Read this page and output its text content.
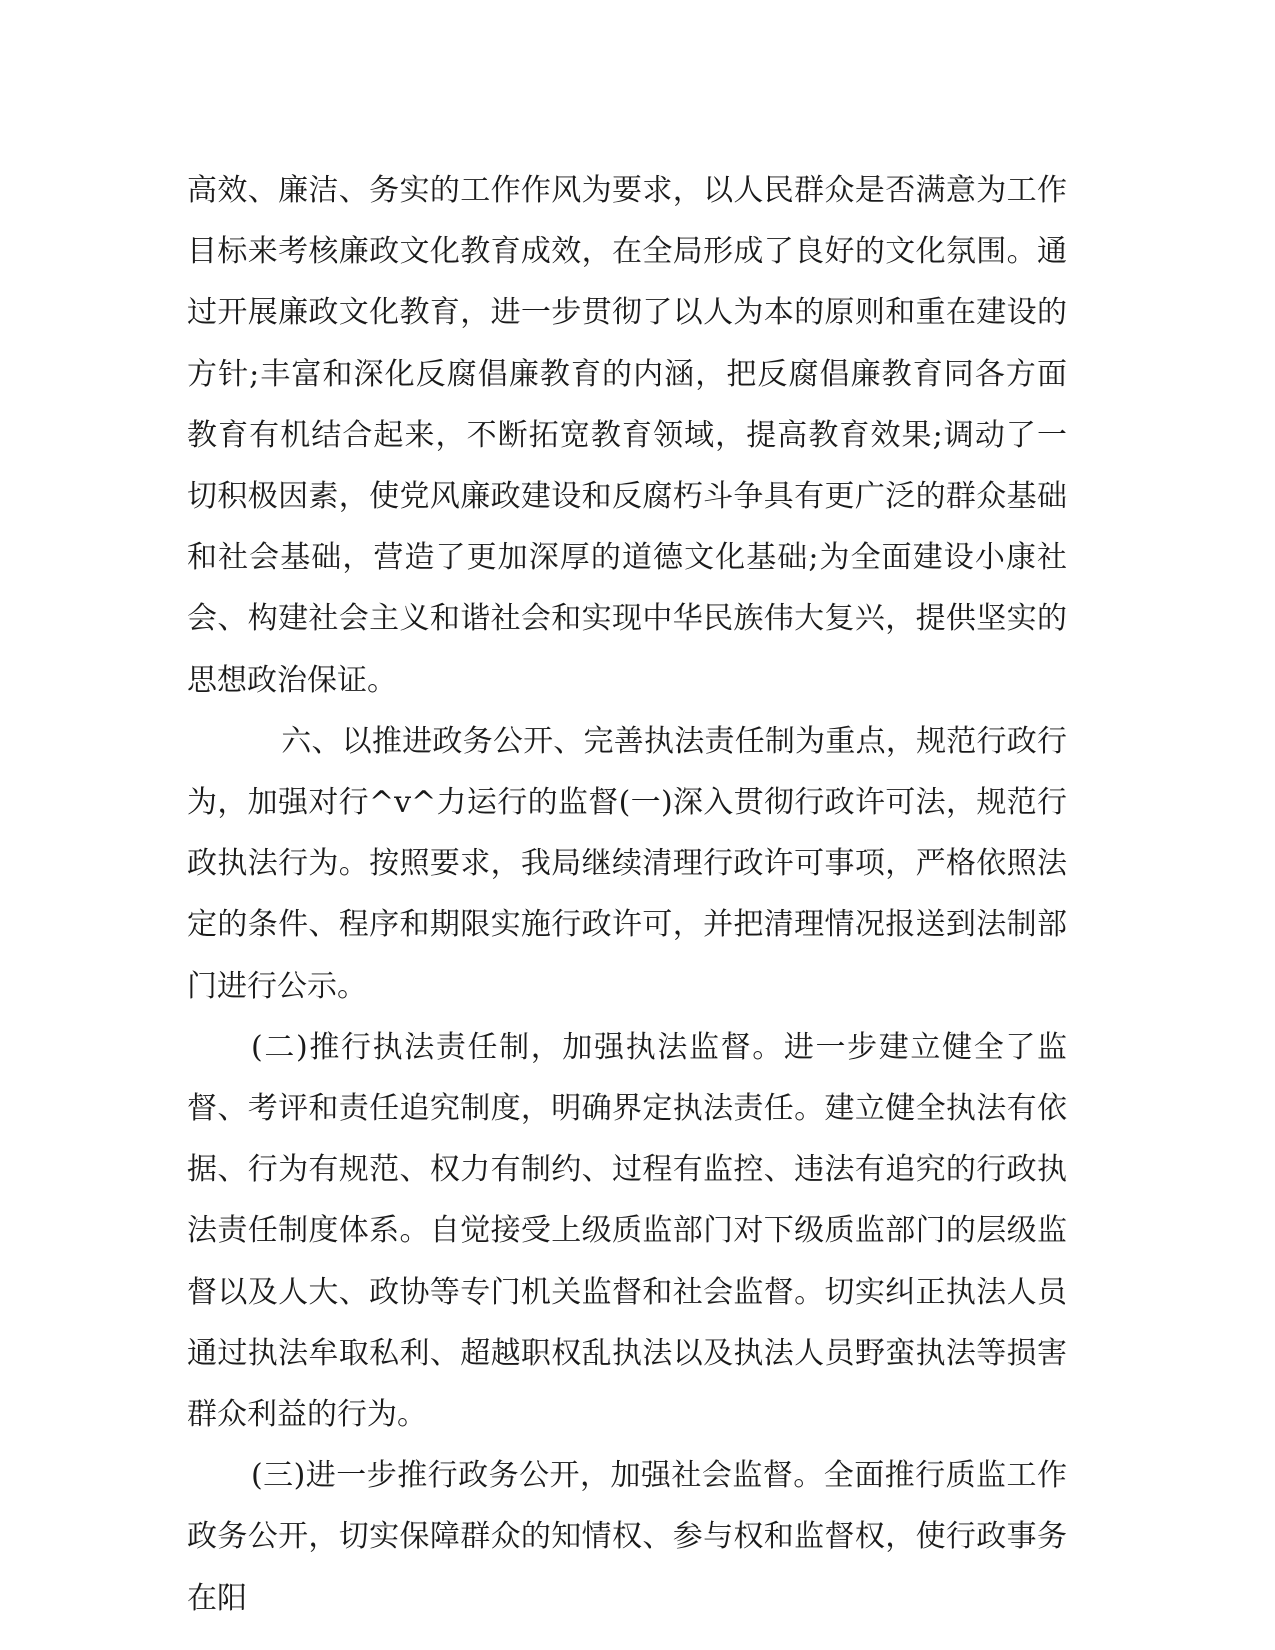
高效、廉洁、务实的工作作风为要求，以人民群众是否满意为工作目标来考核廉政文化教育成效，在全局形成了良好的文化氛围。通过开展廉政文化教育，进一步贯彻了以人为本的原则和重在建设的方针;丰富和深化反腐倡廉教育的内涵，把反腐倡廉教育同各方面教育有机结合起来，不断拓宽教育领域，提高教育效果;调动了一切积极因素，使党风廉政建设和反腐朽斗争具有更广泛的群众基础和社会基础，营造了更加深厚的道德文化基础;为全面建设小康社会、构建社会主义和谐社会和实现中华民族伟大复兴，提供坚实的思想政治保证。

　六、以推进政务公开、完善执法责任制为重点，规范行政行为，加强对行^v^力运行的监督(一)深入贯彻行政许可法，规范行政执法行为。按照要求，我局继续清理行政许可事项，严格依照法定的条件、程序和期限实施行政许可，并把清理情况报送到法制部门进行公示。

(二)推行执法责任制，加强执法监督。进一步建立健全了监督、考评和责任追究制度，明确界定执法责任。建立健全执法有依据、行为有规范、权力有制约、过程有监控、违法有追究的行政执法责任制度体系。自觉接受上级质监部门对下级质监部门的层级监督以及人大、政协等专门机关监督和社会监督。切实纠正执法人员通过执法牟取私利、超越职权乱执法以及执法人员野蛮执法等损害群众利益的行为。

(三)进一步推行政务公开，加强社会监督。全面推行质监工作政务公开，切实保障群众的知情权、参与权和监督权，使行政事务在阳
